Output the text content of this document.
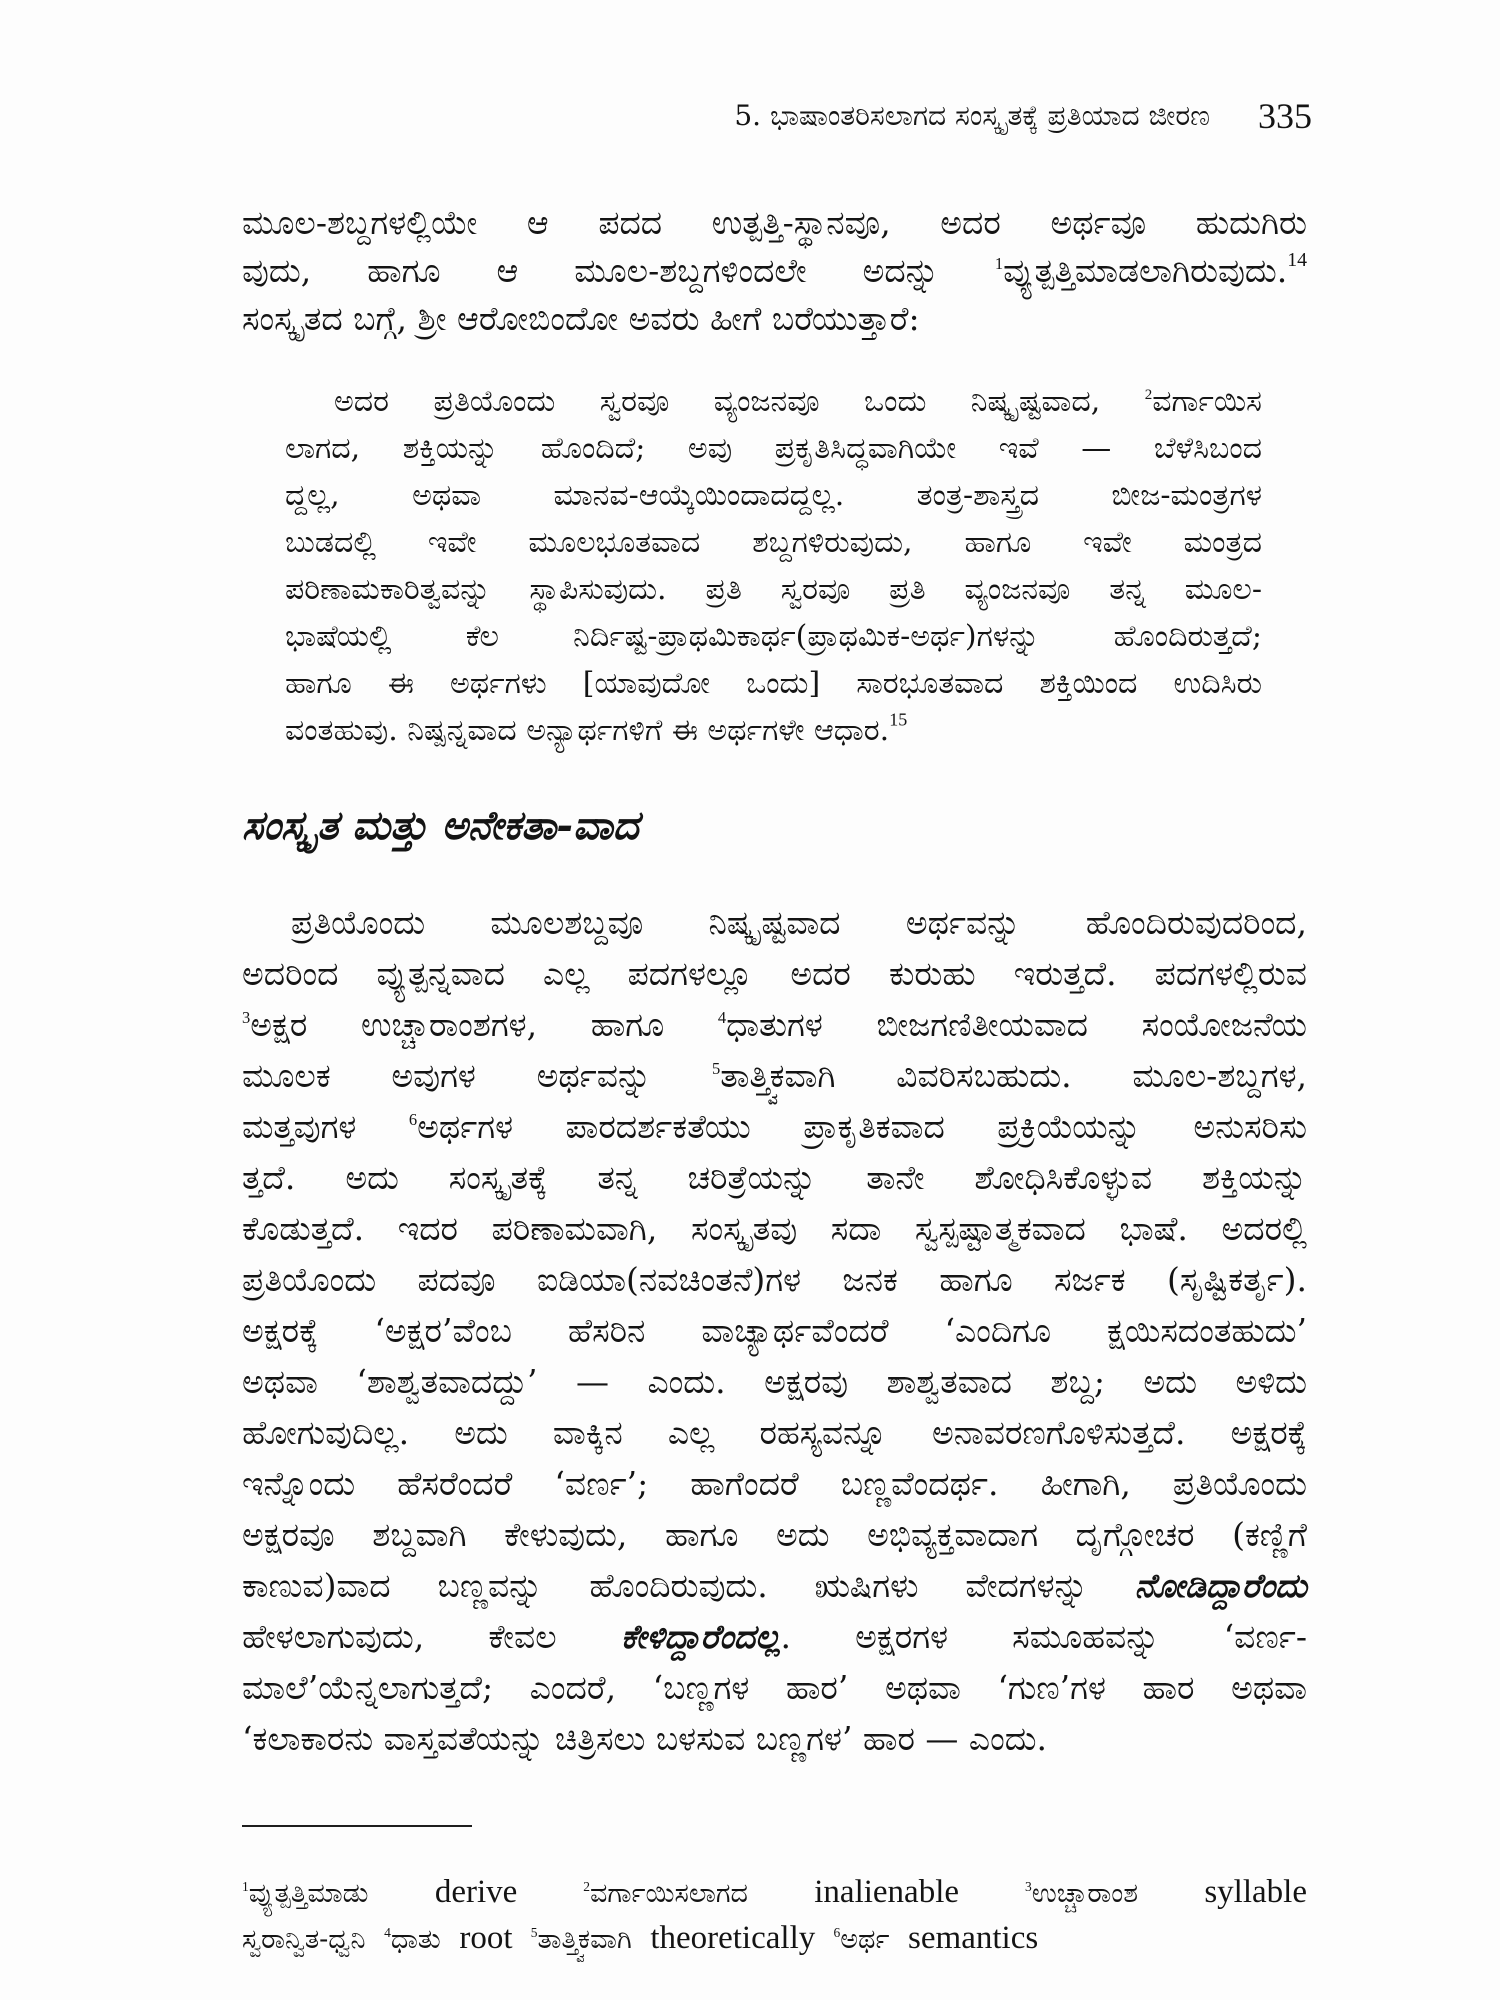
5. ಭಾಷಾಂತರಿಸಲಾಗದ ಸಂಸ್ಕೃತಕ್ಕೆ ಪ್ರತಿಯಾದ ಜೀರಣ 335
ಮೂಲ-ಶಬ್ದಗಳಲ್ಲಿಯೇ ಆ ಪದದ ಉತ್ಪತ್ತಿ-ಸ್ಥಾನವೂ, ಅದರ ಅರ್ಥವೂ ಹುದುಗಿರು
ವುದು, ಹಾಗೂ ಆ ಮೂಲ-ಶಬ್ದಗಳಿಂದಲೇ ಅದನ್ನು $^1$ವ್ಯುತ್ಪತ್ತಿಮಾಡಲಾಗಿರುವುದು.$^{14}$
ಸಂಸ್ಕೃತದ ಬಗ್ಗೆ, ಶ್ರೀ ಆರೋಬಿಂದೋ ಅವರು ಹೀಗೆ ಬರೆಯುತ್ತಾರೆ:
ಅದರ ಪ್ರತಿಯೊಂದು ಸ್ವರವೂ ವ್ಯಂಜನವೂ ಒಂದು ನಿಷ್ಕೃಷ್ಟವಾದ, $^2$ವರ್ಗಾಯಿಸ
ಲಾಗದ, ಶಕ್ತಿಯನ್ನು ಹೊಂದಿದೆ; ಅವು ಪ್ರಕೃತಿಸಿದ್ಧವಾಗಿಯೇ ಇವೆ — ಬೆಳೆಸಿಬಂದ
ದ್ದಲ್ಲ, ಅಥವಾ ಮಾನವ-ಆಯ್ಕೆಯಿಂದಾದದ್ದಲ್ಲ. ತಂತ್ರ-ಶಾಸ್ತ್ರದ ಬೀಜ-ಮಂತ್ರಗಳ
ಬುಡದಲ್ಲಿ ಇವೇ ಮೂಲಭೂತವಾದ ಶಬ್ದಗಳಿರುವುದು, ಹಾಗೂ ಇವೇ ಮಂತ್ರದ
ಪರಿಣಾಮಕಾರಿತ್ವವನ್ನು ಸ್ಥಾಪಿಸುವುದು. ಪ್ರತಿ ಸ್ವರವೂ ಪ್ರತಿ ವ್ಯಂಜನವೂ ತನ್ನ ಮೂಲ-
ಭಾಷೆಯಲ್ಲಿ ಕೆಲ ನಿರ್ದಿಷ್ಟ-ಪ್ರಾಥಮಿಕಾರ್ಥ(ಪ್ರಾಥಮಿಕ-ಅರ್ಥ)ಗಳನ್ನು ಹೊಂದಿರುತ್ತದೆ;
ಹಾಗೂ ಈ ಅರ್ಥಗಳು [ಯಾವುದೋ ಒಂದು] ಸಾರಭೂತವಾದ ಶಕ್ತಿಯಿಂದ ಉದಿಸಿರು
ವಂತಹುವು. ನಿಷ್ಪನ್ನವಾದ ಅನ್ಯಾರ್ಥಗಳಿಗೆ ಈ ಅರ್ಥಗಳೇ ಆಧಾರ.$^{15}$
ಸಂಸ್ಕೃತ ಮತ್ತು ಅನೇಕತಾ-ವಾದ
ಪ್ರತಿಯೊಂದು ಮೂಲಶಬ್ದವೂ ನಿಷ್ಕೃಷ್ಟವಾದ ಅರ್ಥವನ್ನು ಹೊಂದಿರುವುದರಿಂದ,
ಅದರಿಂದ ವ್ಯುತ್ಪನ್ನವಾದ ಎಲ್ಲ ಪದಗಳಲ್ಲೂ ಅದರ ಕುರುಹು ಇರುತ್ತದೆ. ಪದಗಳಲ್ಲಿರುವ
$^3$ಅಕ್ಷರ ಉಚ್ಚಾರಾಂಶಗಳ, ಹಾಗೂ $^4$ಧಾತುಗಳ ಬೀಜಗಣಿತೀಯವಾದ ಸಂಯೋಜನೆಯ
ಮೂಲಕ ಅವುಗಳ ಅರ್ಥವನ್ನು $^5$ತಾತ್ತ್ವಿಕವಾಗಿ ವಿವರಿಸಬಹುದು. ಮೂಲ-ಶಬ್ದಗಳ,
ಮತ್ತವುಗಳ $^6$ಅರ್ಥಗಳ ಪಾರದರ್ಶಕತೆಯು ಪ್ರಾಕೃತಿಕವಾದ ಪ್ರಕ್ರಿಯೆಯನ್ನು ಅನುಸರಿಸು
ತ್ತದೆ. ಅದು ಸಂಸ್ಕೃತಕ್ಕೆ ತನ್ನ ಚರಿತ್ರೆಯನ್ನು ತಾನೇ ಶೋಧಿಸಿಕೊಳ್ಳುವ ಶಕ್ತಿಯನ್ನು
ಕೊಡುತ್ತದೆ. ಇದರ ಪರಿಣಾಮವಾಗಿ, ಸಂಸ್ಕೃತವು ಸದಾ ಸ್ವಸ್ಪಷ್ಟಾತ್ಮಕವಾದ ಭಾಷೆ. ಅದರಲ್ಲಿ
ಪ್ರತಿಯೊಂದು ಪದವೂ ಐಡಿಯಾ(ನವಚಿಂತನೆ)ಗಳ ಜನಕ ಹಾಗೂ ಸರ್ಜಕ (ಸೃಷ್ಟಿಕರ್ತೃ).
ಅಕ್ಷರಕ್ಕೆ ‘ಅಕ್ಷರ’ವೆಂಬ ಹೆಸರಿನ ವಾಚ್ಯಾರ್ಥವೆಂದರೆ ‘ಎಂದಿಗೂ ಕ್ಷಯಿಸದಂತಹುದು’
ಅಥವಾ ‘ಶಾಶ್ವತವಾದದ್ದು’ — ಎಂದು. ಅಕ್ಷರವು ಶಾಶ್ವತವಾದ ಶಬ್ದ; ಅದು ಅಳಿದು
ಹೋಗುವುದಿಲ್ಲ. ಅದು ವಾಕ್ಕಿನ ಎಲ್ಲ ರಹಸ್ಯವನ್ನೂ ಅನಾವರಣಗೊಳಿಸುತ್ತದೆ. ಅಕ್ಷರಕ್ಕೆ
ಇನ್ನೊಂದು ಹೆಸರೆಂದರೆ ‘ವರ್ಣ’; ಹಾಗೆಂದರೆ ಬಣ್ಣವೆಂದರ್ಥ. ಹೀಗಾಗಿ, ಪ್ರತಿಯೊಂದು
ಅಕ್ಷರವೂ ಶಬ್ದವಾಗಿ ಕೇಳುವುದು, ಹಾಗೂ ಅದು ಅಭಿವ್ಯಕ್ತವಾದಾಗ ದೃಗ್ಗೋಚರ (ಕಣ್ಣಿಗೆ
ಕಾಣುವ)ವಾದ ಬಣ್ಣವನ್ನು ಹೊಂದಿರುವುದು. ಋಷಿಗಳು ವೇದಗಳನ್ನು ನೋಡಿದ್ದಾರೆಂದು
ಹೇಳಲಾಗುವುದು, ಕೇವಲ ಕೇಳಿದ್ದಾರೆಂದಲ್ಲ. ಅಕ್ಷರಗಳ ಸಮೂಹವನ್ನು ‘ವರ್ಣ-
ಮಾಲೆ’ಯೆನ್ನಲಾಗುತ್ತದೆ; ಎಂದರೆ, ‘ಬಣ್ಣಗಳ ಹಾರ’ ಅಥವಾ ‘ಗುಣ’ಗಳ ಹಾರ ಅಥವಾ
‘ಕಲಾಕಾರನು ವಾಸ್ತವತೆಯನ್ನು ಚಿತ್ರಿಸಲು ಬಳಸುವ ಬಣ್ಣಗಳ’ ಹಾರ — ಎಂದು.
$^1$ವ್ಯುತ್ಪತ್ತಿಮಾಡು derive $^2$ವರ್ಗಾಯಿಸಲಾಗದ inalienable $^3$ಉಚ್ಚಾರಾಂಶ syllable
ಸ್ವರಾನ್ವಿತ-ಧ್ವನಿ $^4$ಧಾತು root $^5$ತಾತ್ತ್ವಿಕವಾಗಿ theoretically $^6$ಅರ್ಥ semantics
